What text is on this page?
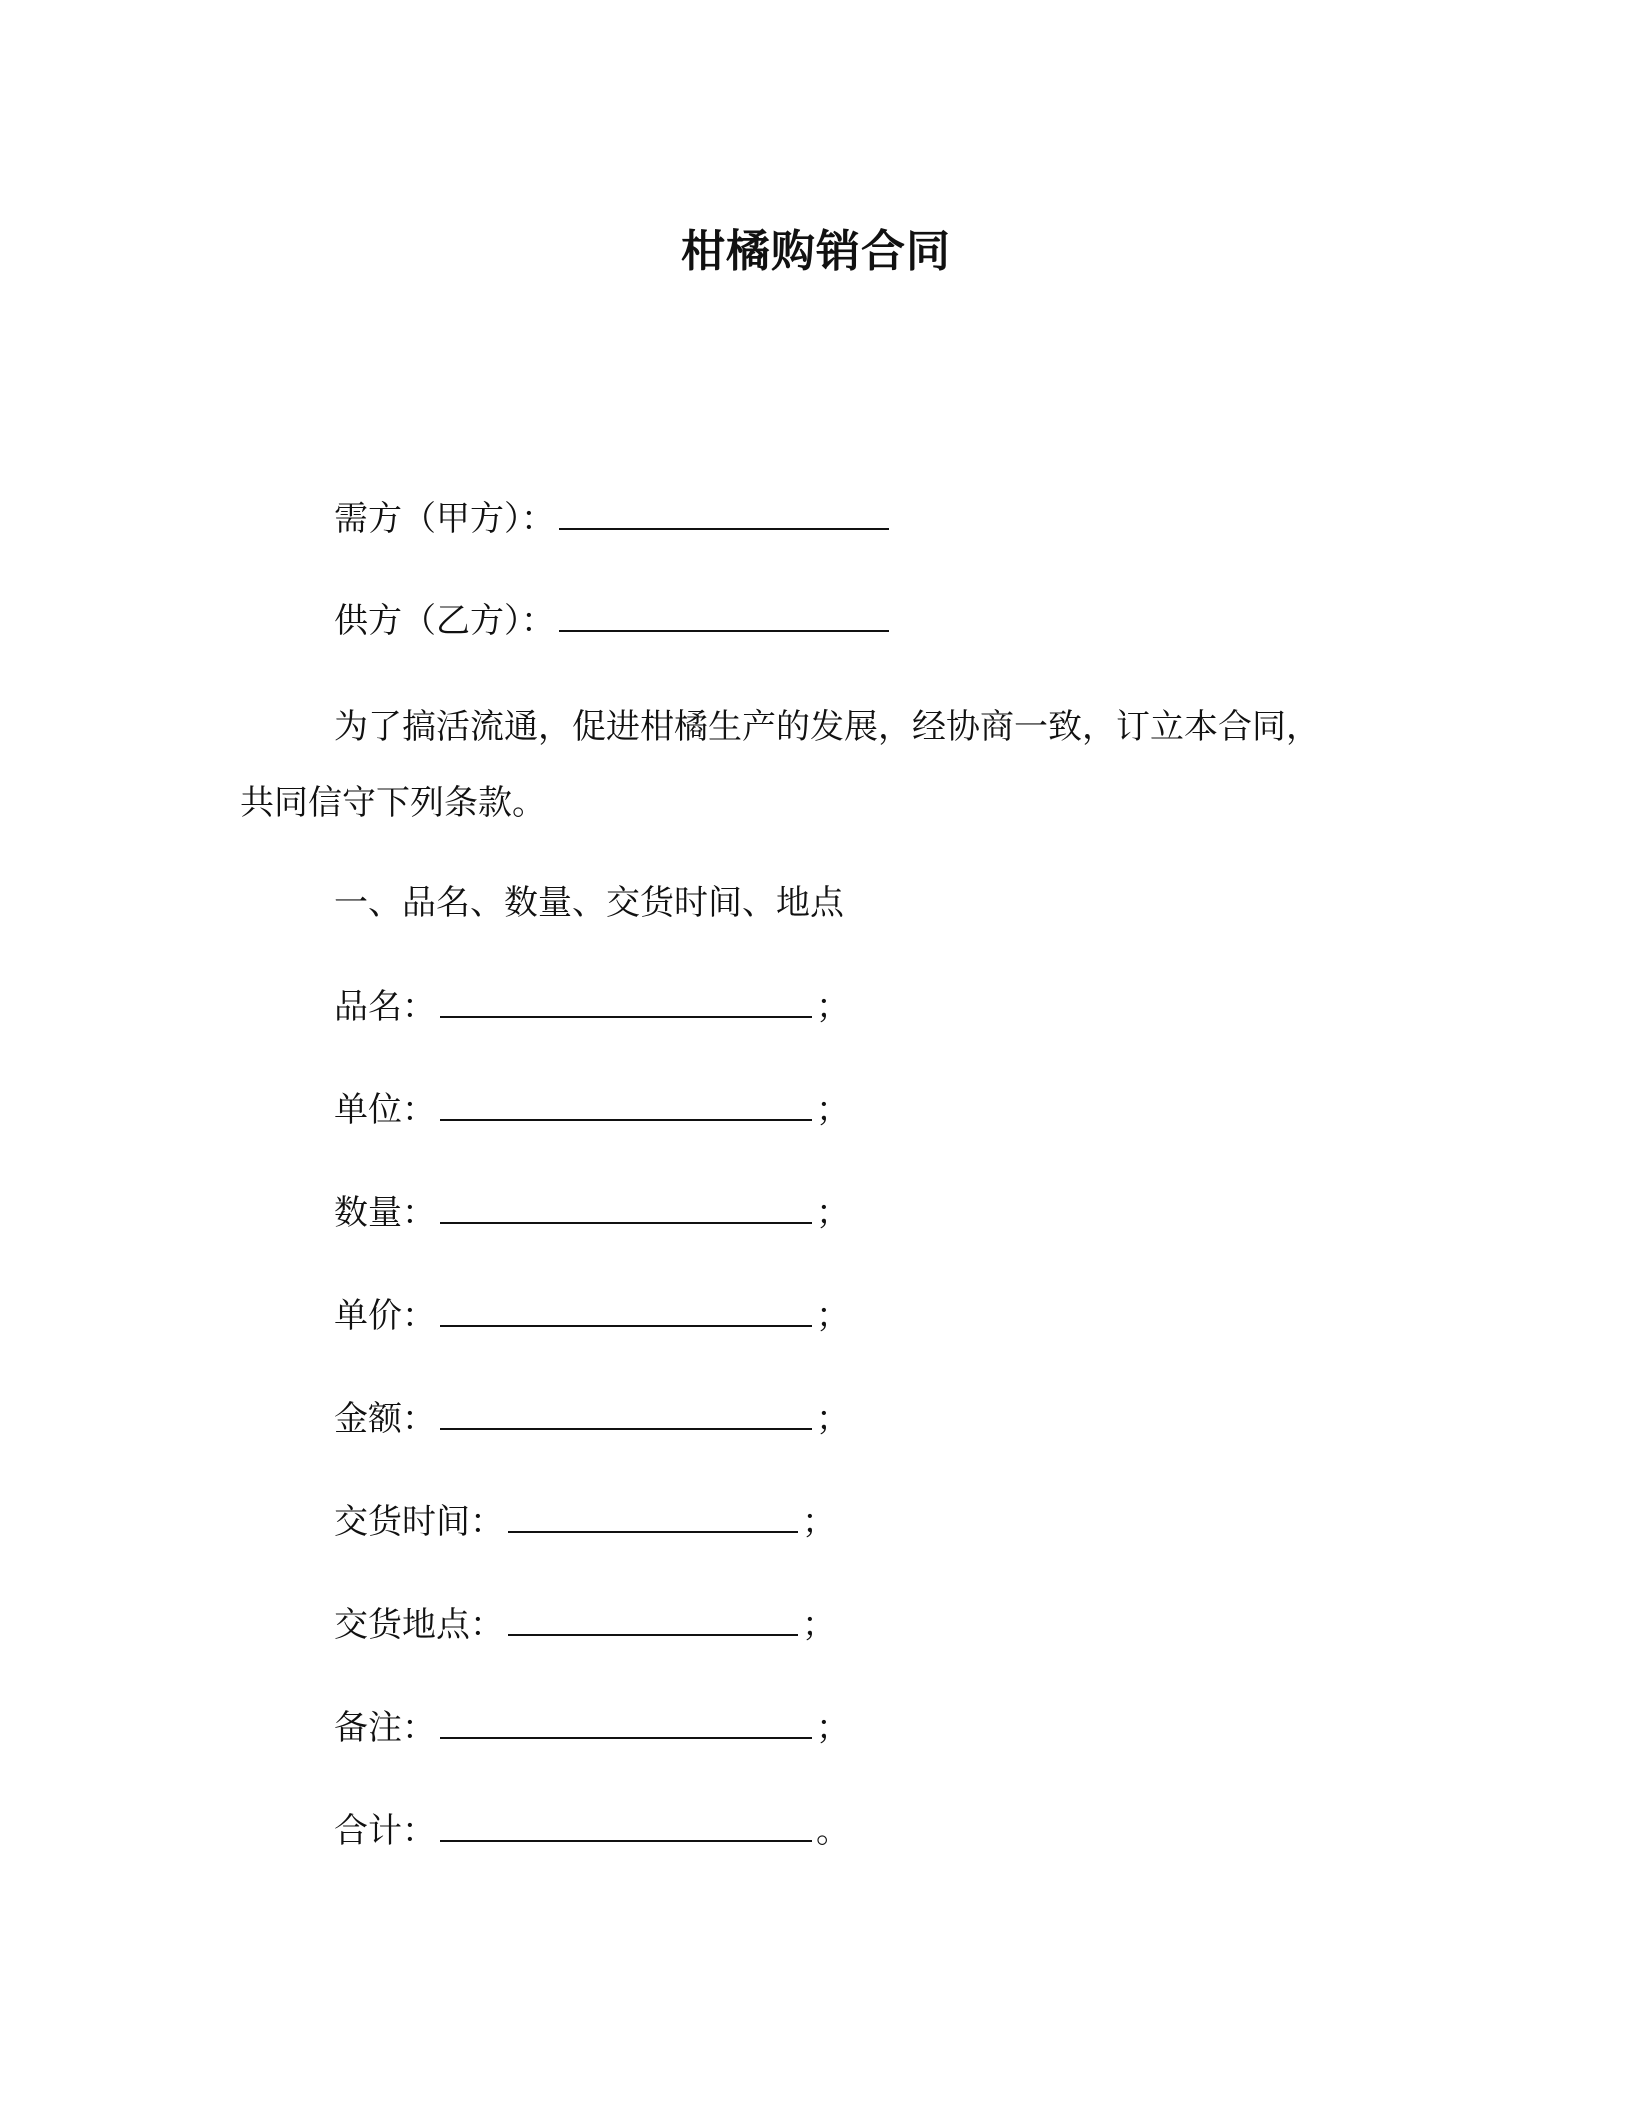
柑橘购销合同
需方（甲方）：
供方（乙方）：
为了搞活流通，促进柑橘生产的发展，经协商一致，订立本合同，
共同信守下列条款。
一、品名、数量、交货时间、地点
品名：	；
单位：	；
数量：	；
单价：	；
金额：	；
交货时间：	；
交货地点：	；
备注：	；
合计：	。
